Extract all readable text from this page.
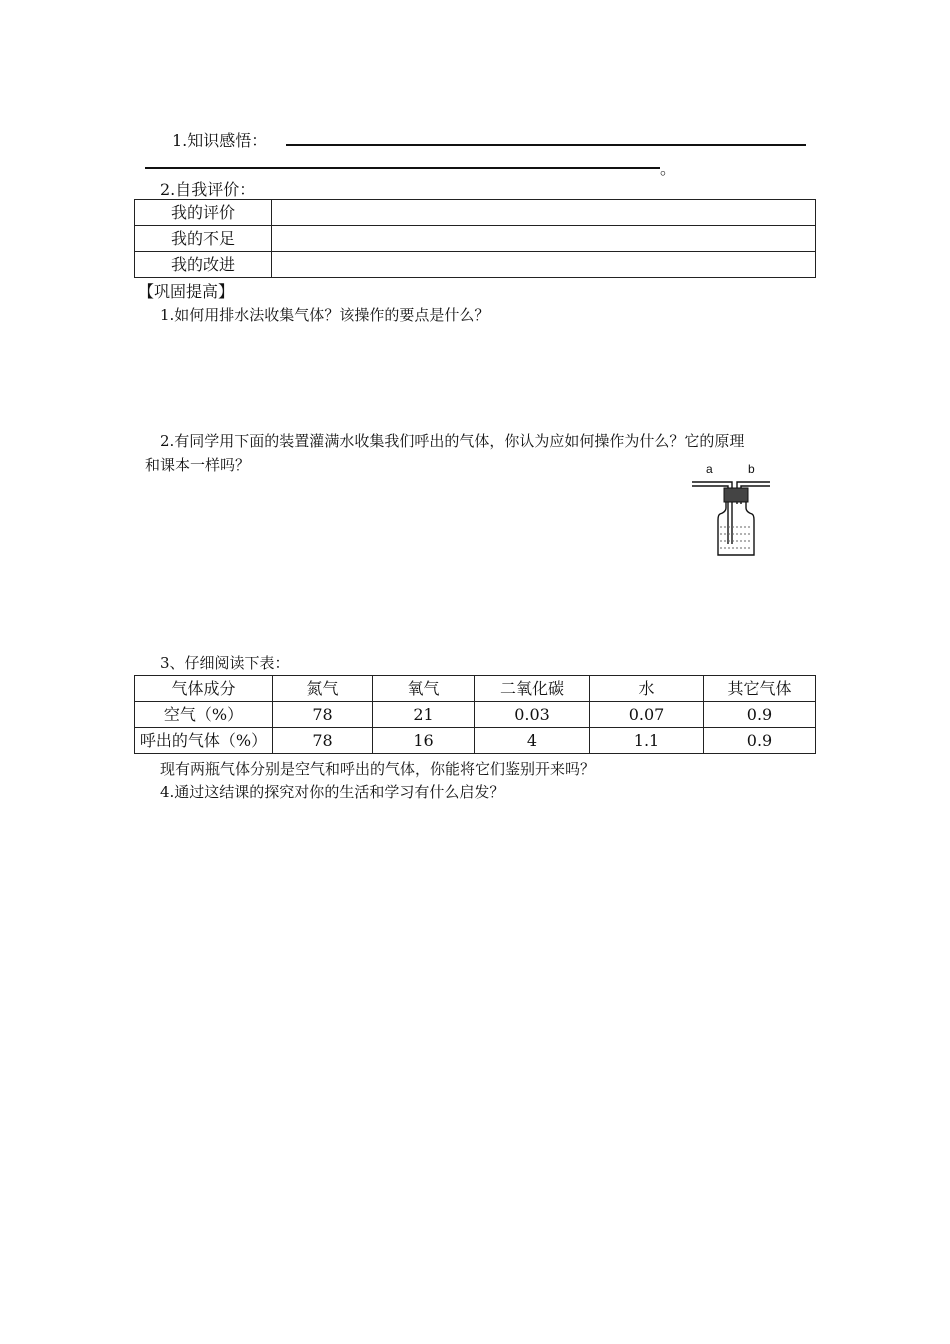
1.知识感悟：
。
2.自我评价：
我的评价	
我的不足	
我的改进	
【巩固提高】
1.如何用排水法收集气体？该操作的要点是什么？
2.有同学用下面的装置灌满水收集我们呼出的气体，你认为应如何操作为什么？它的原理
和课本一样吗？	a	b
3、仔细阅读下表：
气体成分	氮气	氧气	二氧化碳	水	其它气体
空气（%）	78	21	0.03	0.07	0.9
呼出的气体（%）	78	16	4	1.1	0.9
现有两瓶气体分别是空气和呼出的气体，你能将它们鉴别开来吗？
4.通过这结课的探究对你的生活和学习有什么启发？
